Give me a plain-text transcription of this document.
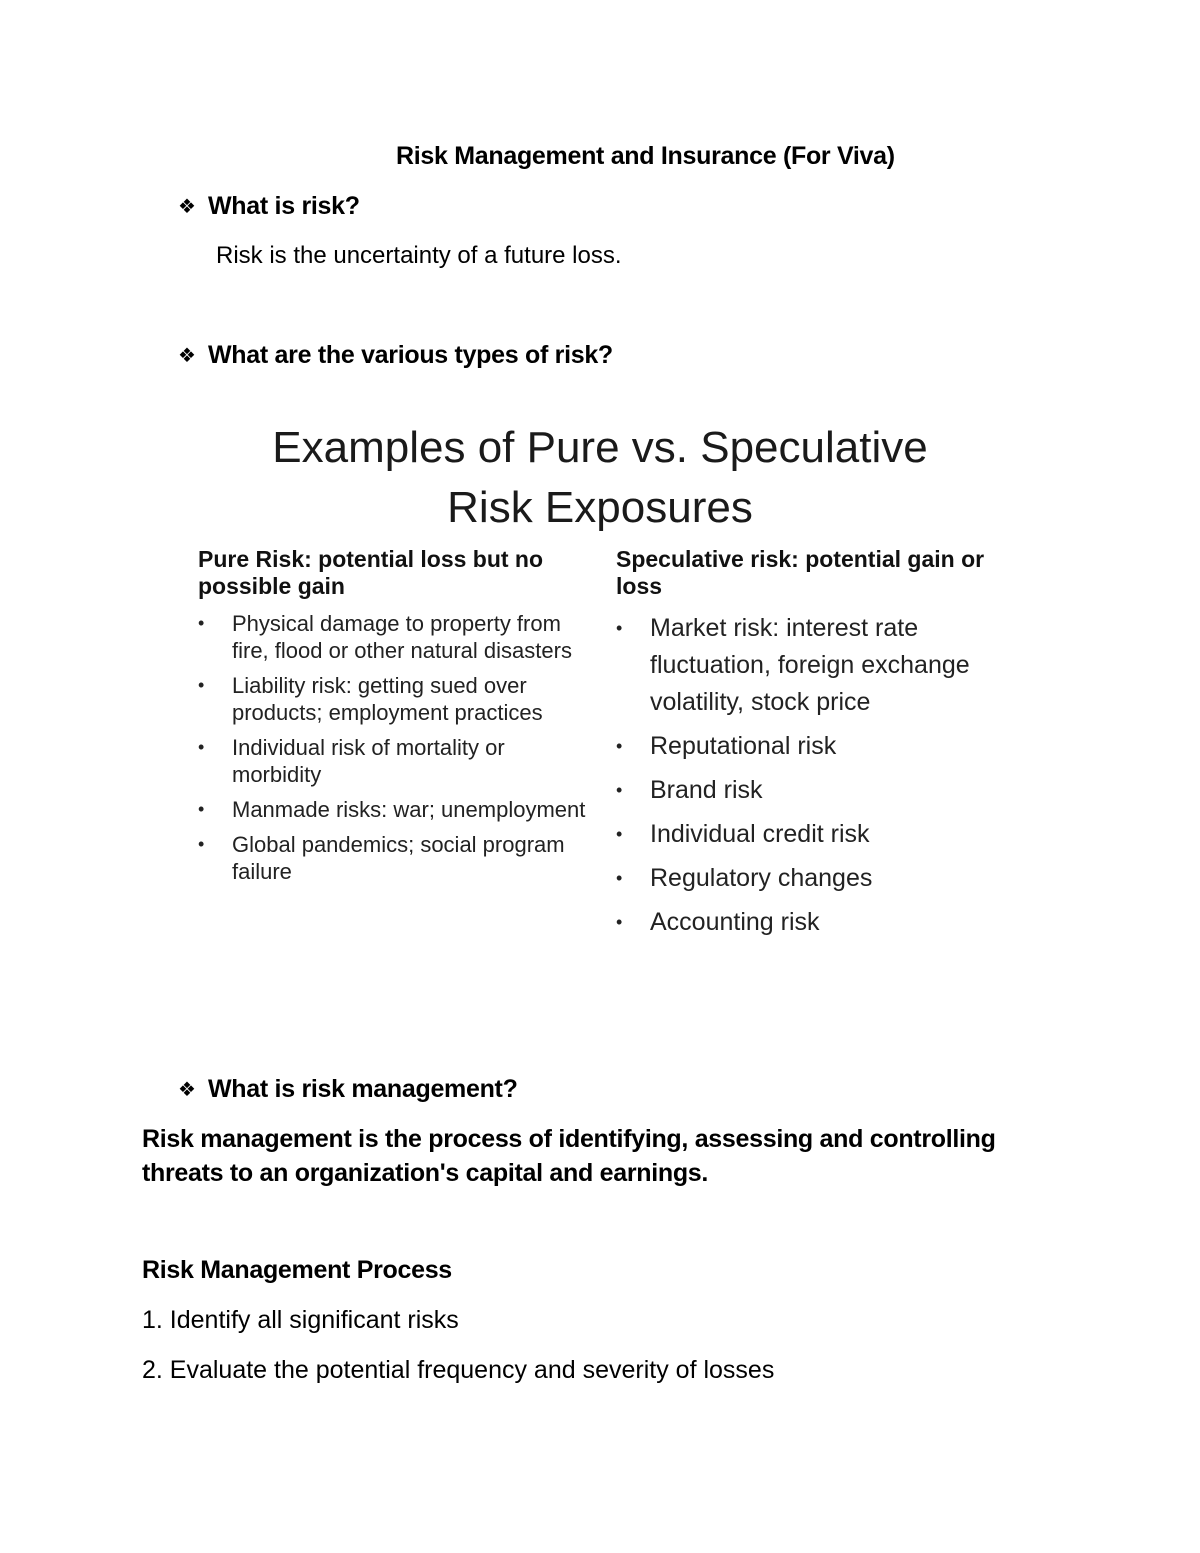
Risk Management and Insurance (For Viva)
❖ What is risk?
Risk is the uncertainty of a future loss.
❖ What are the various types of risk?
Examples of Pure vs. Speculative
Risk Exposures
Pure Risk: potential loss but no possible gain
• Physical damage to property from fire, flood or other natural disasters
• Liability risk: getting sued over products; employment practices
• Individual risk of mortality or morbidity
• Manmade risks: war; unemployment
• Global pandemics; social program failure
Speculative risk: potential gain or loss
• Market risk: interest rate fluctuation, foreign exchange volatility, stock price
• Reputational risk
• Brand risk
• Individual credit risk
• Regulatory changes
• Accounting risk
❖ What is risk management?
Risk management is the process of identifying, assessing and controlling threats to an organization's capital and earnings.
Risk Management Process
1. Identify all significant risks
2. Evaluate the potential frequency and severity of losses
